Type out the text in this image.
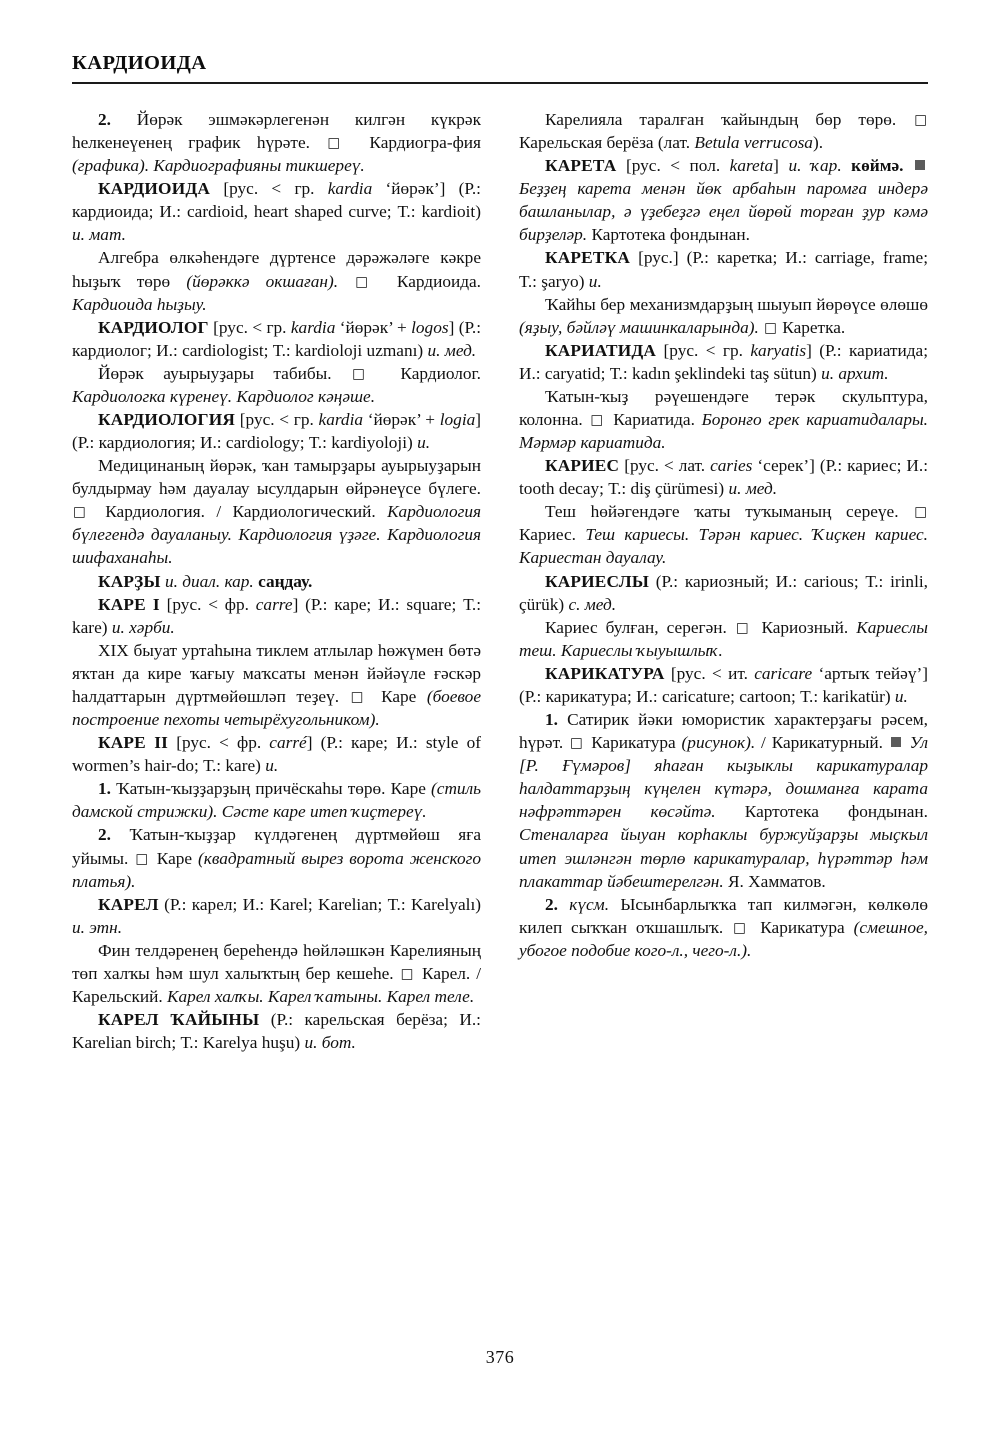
КАРДИОИДА

2. Йөрәк эшмәкәрлегенән килгән күкрәк һелкенеүенең график һүрәте. □ Кардиогра-фия (графика). Кардиографияны тикшереү.

КАРДИОИДА [рус. < гр. kardia ‘йөрәк’] (Р.: кардиоида; И.: cardioid, heart shaped curve; Т.: kardioit) и. мат.

Алгебра өлкәһендәге дүртенсе дәрәжәләге кәкре һыҙыҡ төрө (йөрәккә окшаған). □ Кардиоида. Кардиоида һыҙыу.

КАРДИОЛОГ [рус. < гр. kardia ‘йөрәк’ + logos] (Р.: кардиолог; И.: cardiologist; Т.: kardioloji uzmanı) и. мед.

Йөрәк ауырыуҙары табибы. □ Кардиолог. Кардиологка күренеү. Кардиолог кәңәше.

КАРДИОЛОГИЯ [рус. < гр. kardia ‘йөрәк’ + logia] (Р.: кардиология; И.: cardiology; Т.: kardiyoloji) и.

Медицинаның йөрәк, ҡан тамырҙары ауырыуҙарын булдырмау һәм дауалау ысулдарын өйрәнеүсе бүлеге. □ Кардиология. / Кардиологический. Кардиология бүлегендә дауаланыу. Кардиология үҙәге. Кардиология шифаханаһы.

КАРҘЫ и. диал. кар. саңдау.

КАРЕ I [рус. < фр. carre] (Р.: каре; И.: square; Т.: kare) и. хәрби.

XIX быуат уртаһына тиклем атлылар һөжүмен бөтә яҡтан да кире ҡағыу маҡсаты менән йәйәүле ғәскәр һалдаттарын дүртмөйөшләп теҙеү. □ Каре (боевое построение пехоты четырёхугольником).

КАРЕ II [рус. < фр. carré] (Р.: каре; И.: style of wormen’s hair-do; Т.: kare) и.

1. Ҡатын-ҡыҙҙарҙың причёскаһы төрө. Каре (стиль дамской стрижки). Сәсте каре итеп ҡиҫтереү.

2. Ҡатын-ҡыҙҙар күлдәгенең дүртмөйөш яға уйымы. □ Каре (квадратный вырез ворота женского платья).

КАРЕЛ (Р.: карел; И.: Karel; Karelian; Т.: Karelyalı) и. этн.

Фин телдәренең береһендә һөйләшкән Карелияның төп халҡы һәм шул халыҡтың бер кешеһе. □ Карел. / Карельский. Карел халҡы. Карел ҡатыны. Карел теле.

КАРЕЛ ҠАЙЫНЫ (Р.: карельская берёза; И.: Karelian birch; Т.: Karelya huşu) и. бот.

Карелияла таралған ҡайындың бөр төрө. □ Карельская берёза (лат. Betula verrucosa).

КАРЕТА [рус. < пол. kareta] и. ҡар. көймә.  Беҙҙең карета менән йөк арбаһын паромға индерә башланылар, ә үҙебеҙгә еңел йөрөй торған ҙур кәмә бирҙеләр. Картотека фондынан.

КАРЕТКА [рус.] (Р.: каретка; И.: carriage, frame; Т.: şaryo) и.

Ҡайһы бер механизмдарҙың шыуып йөрөүсе өлөшө (яҙыу, бәйләү машинкаларында). □ Каретка.

КАРИАТИДА [рус. < гр. karyatis] (Р.: кариатида; И.: caryatid; Т.: kadın şeklindeki taş sütun) и. архит.

Ҡатын-ҡыҙ рәүешендәге терәк скульптура, колонна. □ Кариатида. Боронғо грек кариатидалары. Мәрмәр кариатида.

КАРИЕС [рус. < лат. caries ‘серек’] (Р.: кариес; И.: tooth decay; Т.: diş çürümesi) и. мед.

Теш һөйәгендәге ҡаты туҡыманың сереүе. □ Кариес. Теш кариесы. Тәрән кариес. Ҡиҫкен кариес. Кариестан дауалау.

КАРИЕСЛЫ (Р.: кариозный; И.: carious; Т.: irinli, çürük) с. мед.

Кариес булған, серегән. □ Кариозный. Кариеслы теш. Кариеслы ҡыуышлыҡ.

КАРИКАТУРА [рус. < ит. caricare ‘артыҡ тейәү’] (Р.: карикатура; И.: caricature; cartoon; Т.: karikatür) и.

1. Сатирик йәки юмористик характерҙағы рәсем, һүрәт. □ Карикатура (рисунок). / Карикатурный. Ул [Р. Ғүмәров] яһаған кыҙыклы карикатуралар һалдаттарҙың күңелен күтәрә, дошманға карата нәфрәттәрен көсәйтә. Картотека фондынан. Стеналарға йыуан корһаклы буржуйҙарҙы мыҫкыл итеп эшләнгән төрлө карикатуралар, һүрәттәр һәм плакаттар йәбештерелгән. Я. Хамматов.

2. күсм. Ысынбарлыҡҡа тап килмәгән, көлкөлө килеп сыҡҡан оҡшашлыҡ. □ Карикатура (смешное, убогое подобие кого-л., чего-л.).

376
